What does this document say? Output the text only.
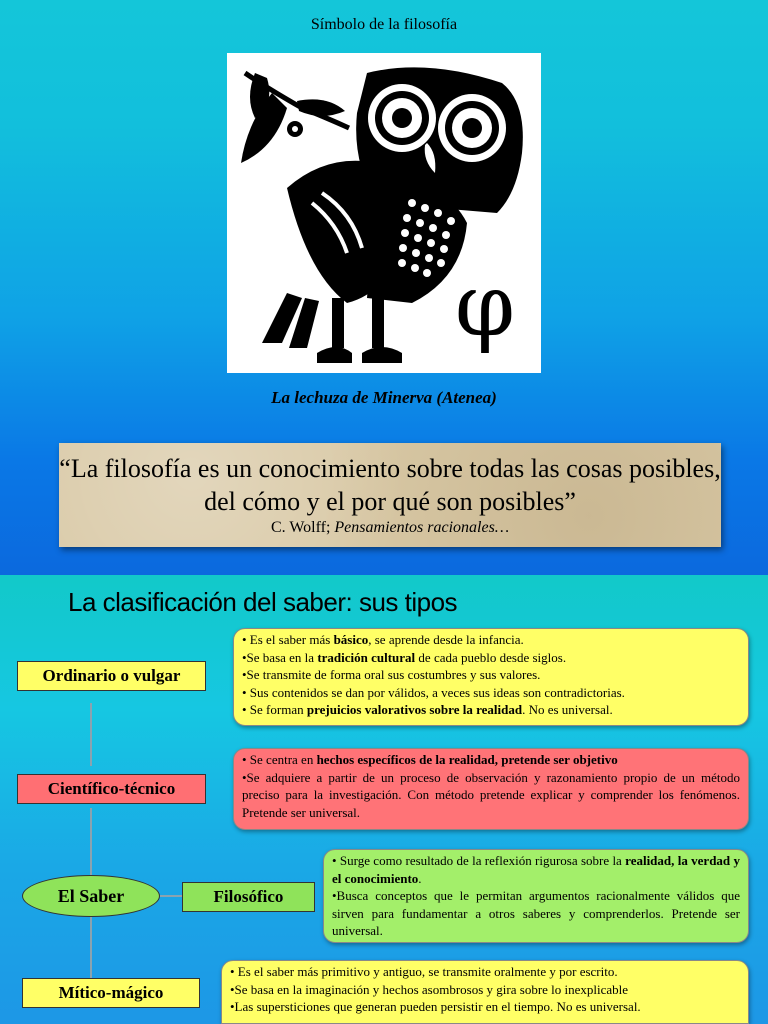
Símbolo de la filosofía
φ
La lechuza de Minerva (Atenea)
“La filosofía es un conocimiento sobre todas las cosas posibles, del cómo y el por qué son posibles”
C. Wolff; Pensamientos racionales…
La clasificación del saber: sus tipos
Ordinario o vulgar

• Es el saber más básico, se aprende desde la infancia.

•Se basa en la tradición cultural de cada pueblo desde siglos.

•Se transmite de forma oral sus costumbres y sus valores.

• Sus contenidos se dan por válidos, a veces sus ideas son contradictorias.

• Se forman prejuicios valorativos sobre la realidad. No es universal.

Científico-técnico

• Se centra en hechos específicos de la realidad, pretende ser objetivo

•Se adquiere a partir de un proceso de observación y razonamiento propio de un método preciso para la investigación. Con método pretende explicar y comprender los fenómenos. Pretende ser universal.

El Saber	Filosófico

• Surge como resultado de la reflexión rigurosa sobre la realidad, la verdad y el conocimiento.

•Busca conceptos que le permitan argumentos racionalmente válidos que sirven para fundamentar a otros saberes y comprenderlos. Pretende ser universal.

Mítico-mágico

• Es el saber más primitivo y antiguo, se transmite oralmente y por escrito.

•Se basa en la imaginación y hechos asombrosos y gira sobre lo inexplicable

•Las supersticiones que generan pueden persistir en el tiempo. No es universal.
